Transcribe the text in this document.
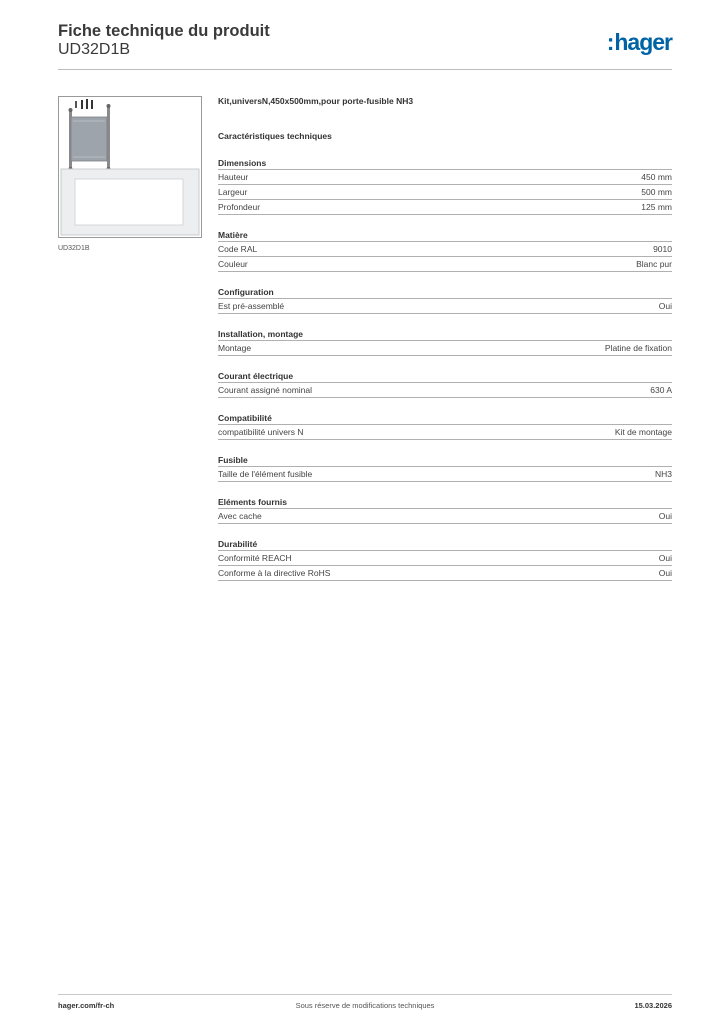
Fiche technique du produit
UD32D1B	:hager
UD32D1B
Kit,universN,450x500mm,pour porte-fusible NH3
Caractéristiques techniques
Dimensions
Hauteur	450 mm
Largeur	500 mm
Profondeur	125 mm
Matière
Code RAL	9010
Couleur	Blanc pur
Configuration
Est pré-assemblé	Oui
Installation, montage
Montage	Platine de fixation
Courant électrique
Courant assigné nominal	630 A
Compatibilité
compatibilité univers N	Kit de montage
Fusible
Taille de l'élément fusible	NH3
Eléments fournis
Avec cache	Oui
Durabilité
Conformité REACH	Oui
Conforme à la directive RoHS	Oui
hager.com/fr-ch	Sous réserve de modifications techniques	15.03.2026
